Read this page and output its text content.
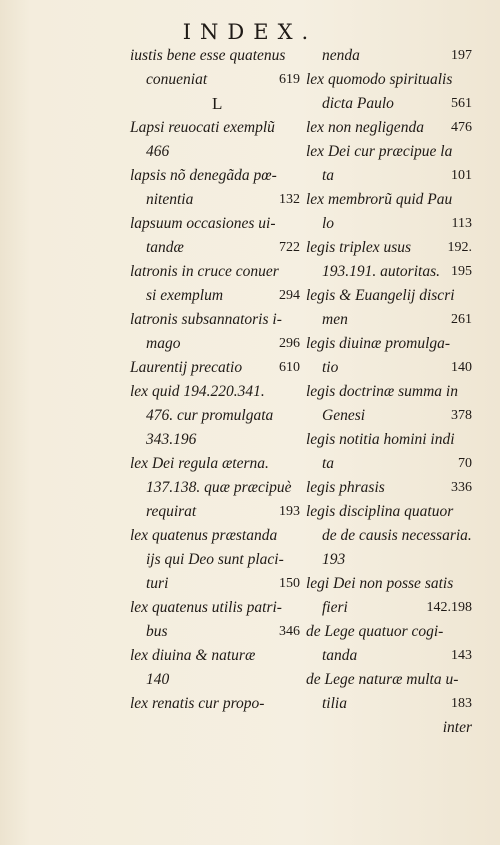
INDEX.
iustis bene esse quatenus
conueniat	619
L
Lapsi reuocati exemplũ
466
lapsis nõ denegãda pœ-
nitentia	132
lapsuum occasiones ui-
tandæ	722
latronis in cruce conuer
si exemplum	294
latronis subsannatoris i-
mago	296
Laurentij precatio	610
lex quid 194.220.341.
476. cur promulgata
343.196
lex Dei regula æterna.
137.138. quæ præcipuè
requirat	193
lex quatenus præstanda
ijs qui Deo sunt placi-
turi	150
lex quatenus utilis patri-
bus	346
lex diuina & naturæ
140
lex renatis cur propo-
nenda	197
lex quomodo spiritualis
dicta Paulo	561
lex non negligenda 476
lex Dei cur præcipue la
ta	101
lex membrorũ quid Pau
lo	113
legis triplex usus	192.
193.191. autoritas. 195
legis & Euangelij discri
men	261
legis diuinæ promulga-
tio	140
legis doctrinæ summa in
Genesi	378
legis notitia homini indi
ta	70
legis phrasis	336
legis disciplina quatuor
de de causis necessaria.
193
legi Dei non posse satis
fieri	142.198
de Lege quatuor cogi-
tanda	143
de Lege naturæ multa u-
tilia	183
inter
